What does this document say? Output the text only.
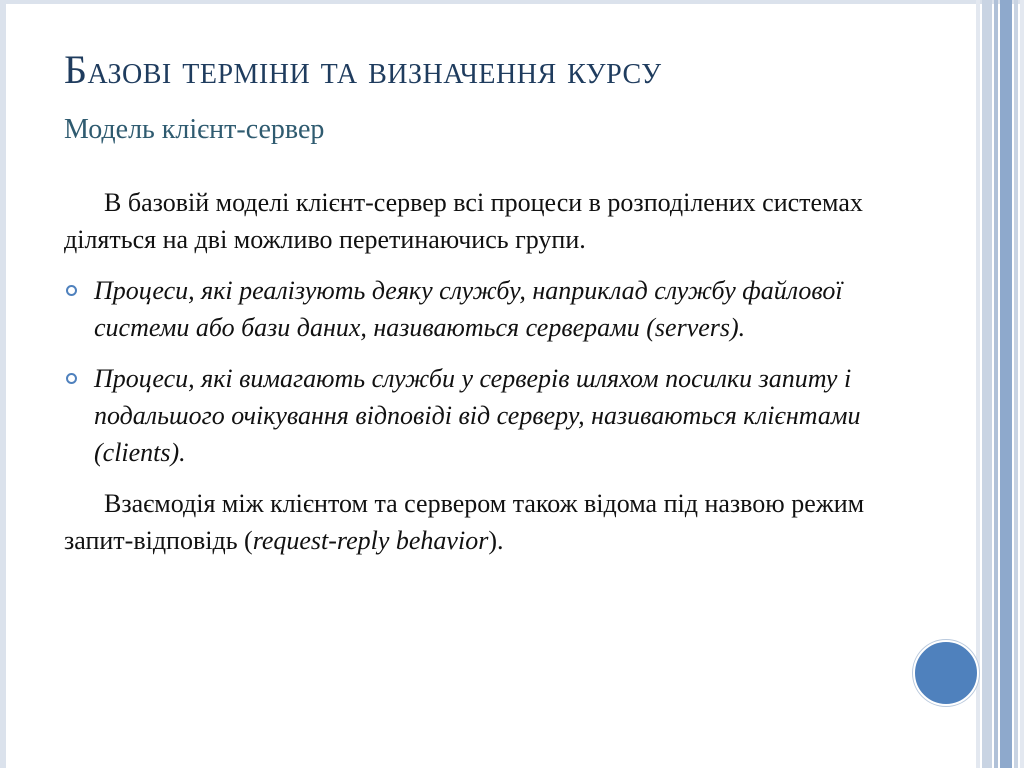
Базові терміни та визначення курсу
Модель клієнт-сервер

В базовій моделі клієнт-сервер всі процеси в розподілених системах діляться на дві можливо перетинаючись групи.

Процеси, які реалізують деяку службу, наприклад службу файлової системи або бази даних, називаються серверами (servers).
Процеси, які вимагають служби у серверів шляхом посилки запиту і подальшого очікування відповіді від серверу, називаються клієнтами (clients).

Взаємодія між клієнтом та сервером також відома під назвою режим запит-відповідь (request-reply behavior).
